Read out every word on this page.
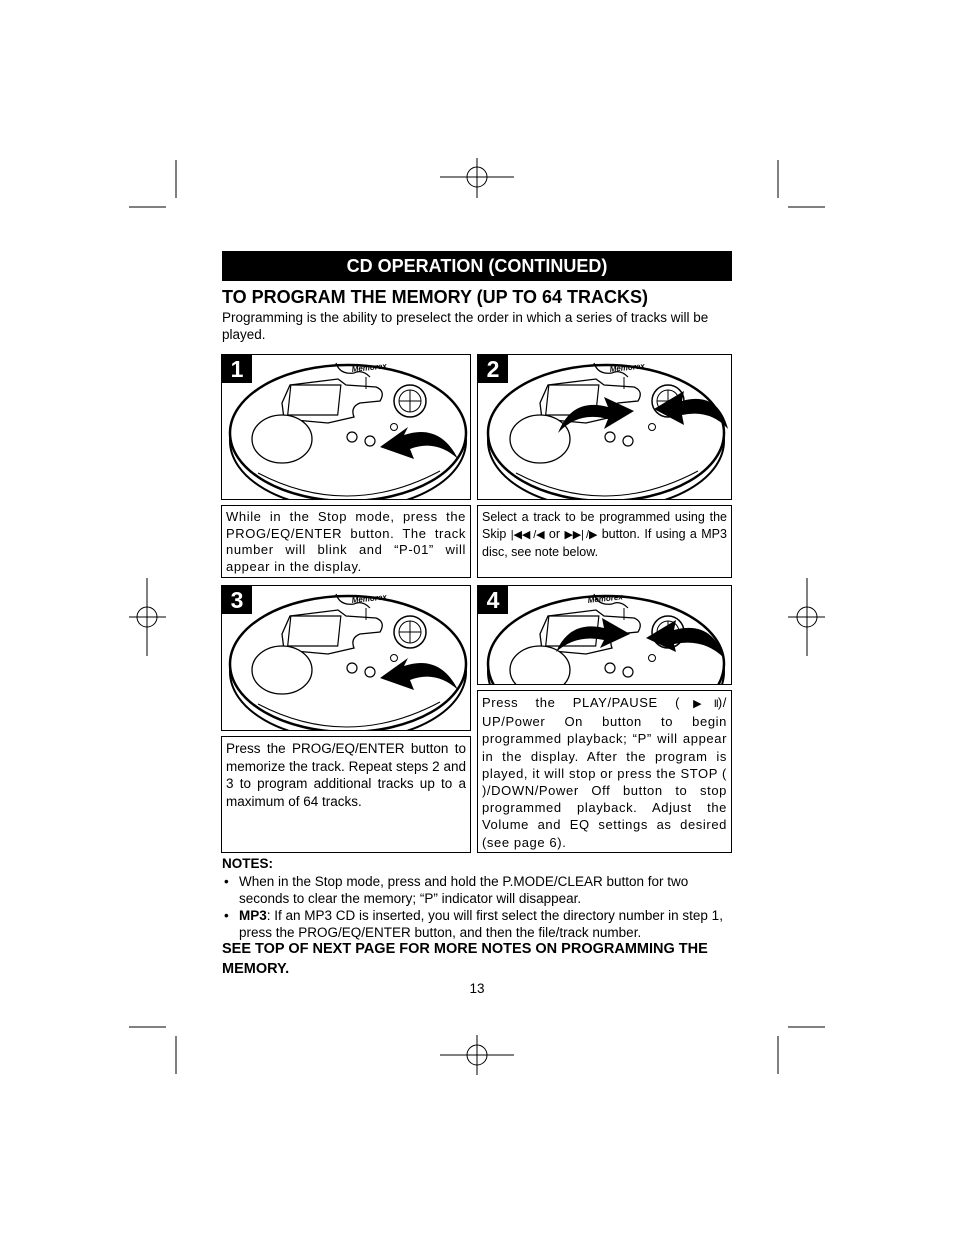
CD OPERATION (CONTINUED)
TO PROGRAM THE MEMORY (UP TO 64 TRACKS)
Programming is the ability to preselect the order in which a series of tracks will be played.
1	Memorex	2	Memorex
While in the Stop mode, press the PROG/EQ/ENTER button. The track number will blink and “P-01” will appear in the display.
Select a track to be programmed using the Skip |◀◀ /◀ or ▶▶| /▶ button. If using a MP3 disc, see note below.
3	Memorex	4	Memorex
Press the PROG/EQ/ENTER button to memorize the track. Repeat steps 2 and 3 to program additional tracks up to a maximum of 64 tracks.
Press the PLAY/PAUSE (▶II)/ UP/Power On button to begin programmed playback; “P” will appear in the display. After the program is played, it will stop or press the STOP ( )/DOWN/Power Off button to stop programmed playback. Adjust the Volume and EQ settings as desired (see page 6).
NOTES:
• When in the Stop mode, press and hold the P.MODE/CLEAR button for two seconds to clear the memory; “P” indicator will disappear.
• MP3: If an MP3 CD is inserted, you will first select the directory number in step 1, press the PROG/EQ/ENTER button, and then the file/track number.
SEE TOP OF NEXT PAGE FOR MORE NOTES ON PROGRAMMING THE MEMORY.
13
